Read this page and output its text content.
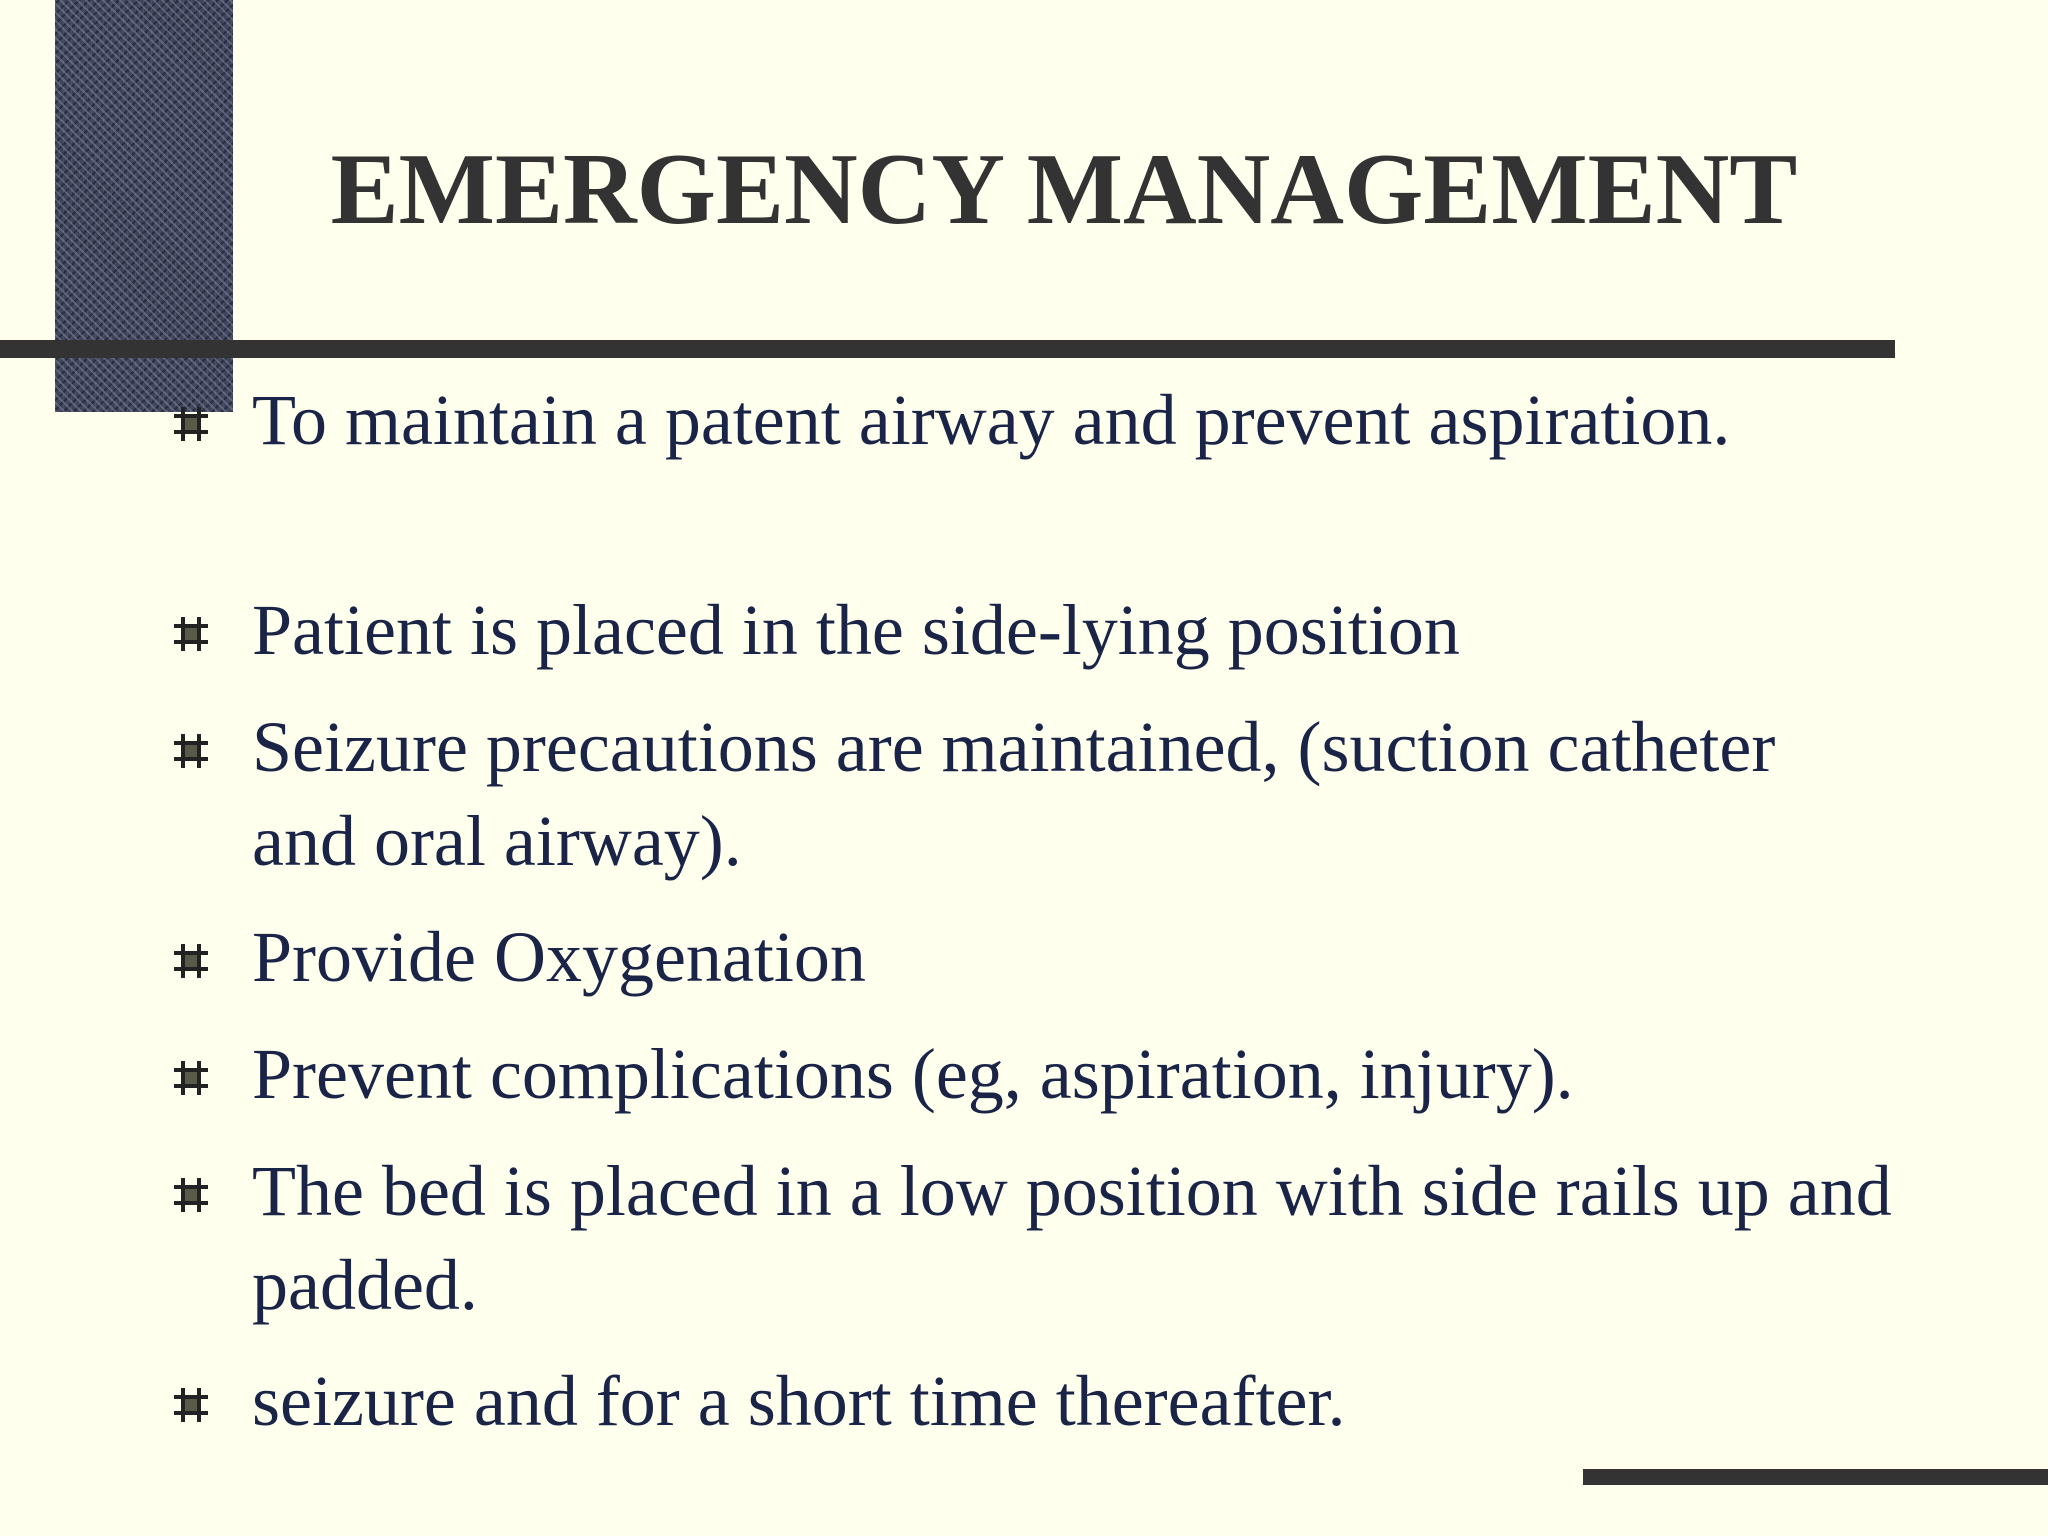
EMERGENCY MANAGEMENT

To maintain a patent airway and prevent aspiration.

Patient is placed in the side-lying position

Seizure precautions are maintained, (suction catheter and oral airway).

Provide Oxygenation

Prevent complications (eg, aspiration, injury).

The bed is placed in a low position with side rails up and padded.

seizure and for a short time thereafter.
